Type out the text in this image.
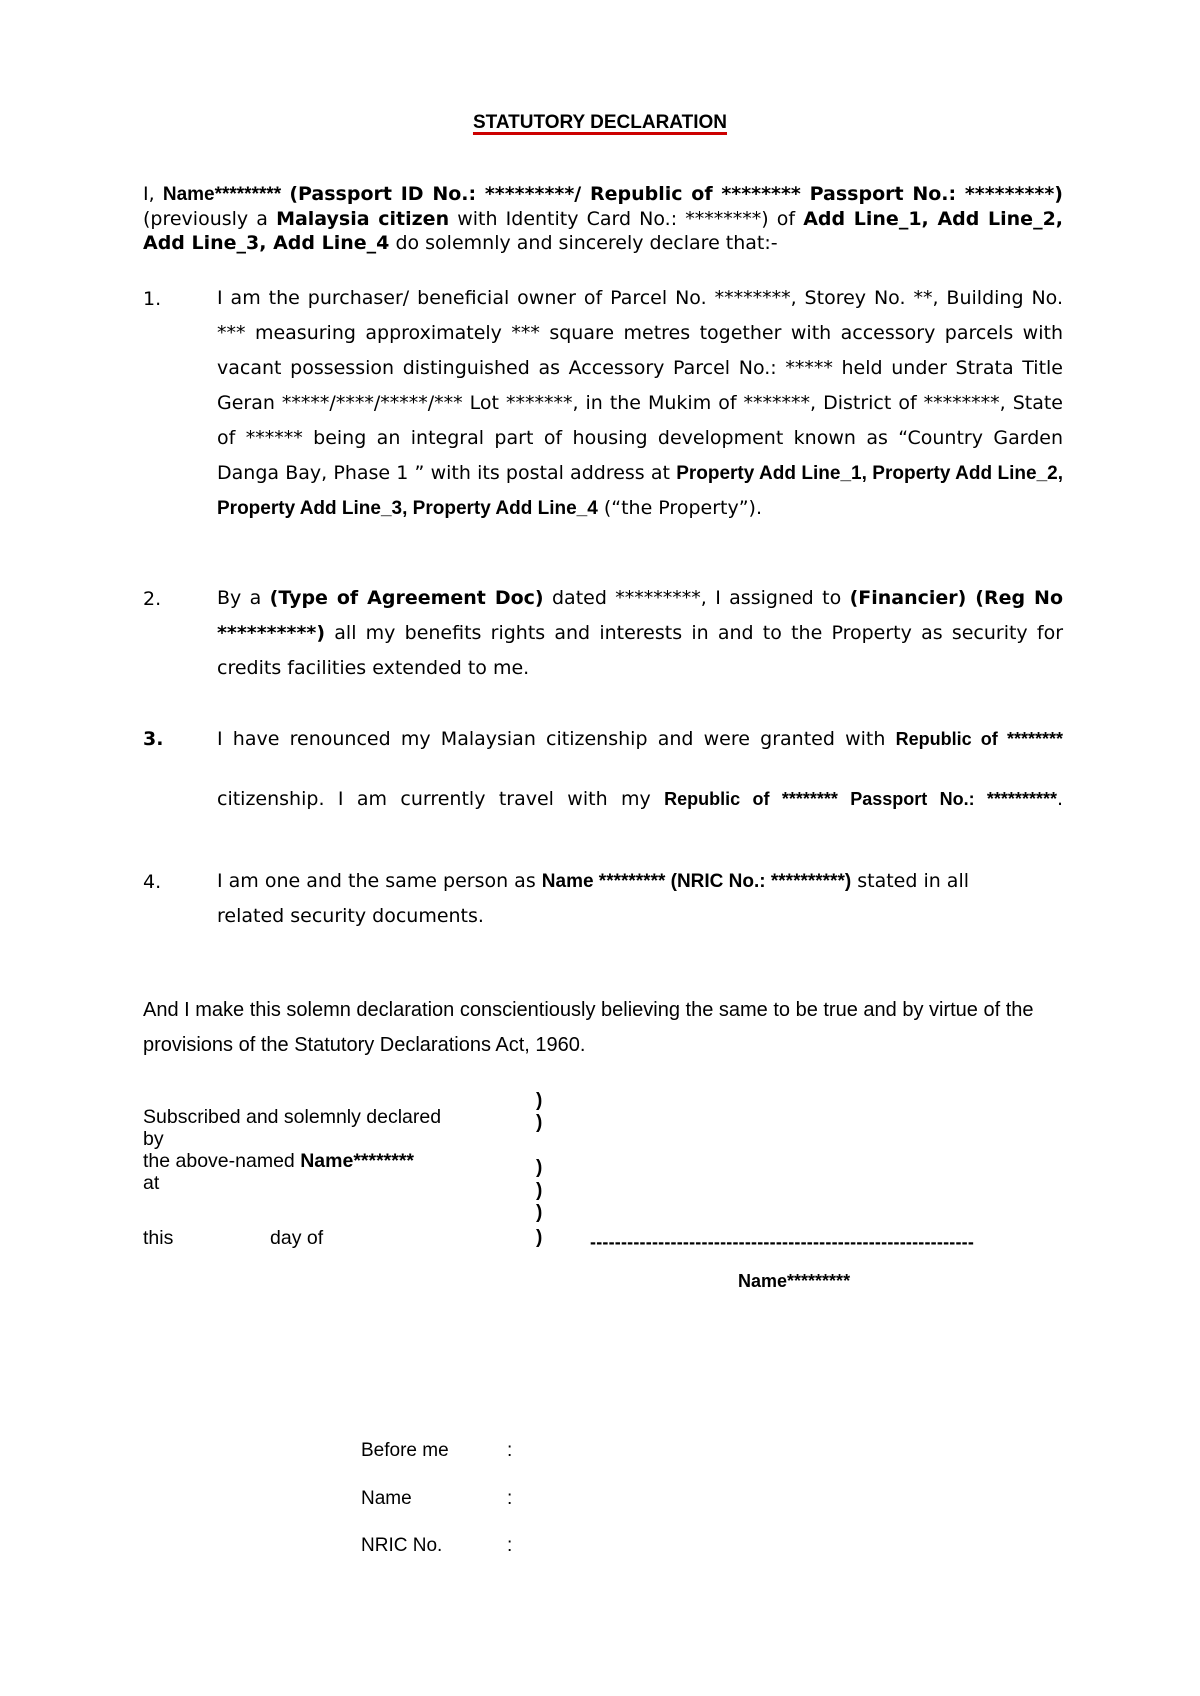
STATUTORY DECLARATION
I, Name********* (Passport ID No.: *********/ Republic of ******** Passport No.: *********) (previously a Malaysia citizen with Identity Card No.: ********) of Add Line_1, Add Line_2, Add Line_3, Add Line_4 do solemnly and sincerely declare that:-
1.	I am the purchaser/ beneficial owner of Parcel No. ********, Storey No. **, Building No. *** measuring approximately *** square metres together with accessory parcels with vacant possession distinguished as Accessory Parcel No.: ***** held under Strata Title Geran *****/****/*****/*** Lot *******, in the Mukim of *******, District of ********, State of ****** being an integral part of housing development known as “Country Garden Danga Bay, Phase 1 ” with its postal address at Property Add Line_1, Property Add Line_2, Property Add Line_3, Property Add Line_4 (“the Property”).
2.	By a (Type of Agreement Doc) dated *********, I assigned to (Financier) (Reg No **********) all my benefits rights and interests in and to the Property as security for credits facilities extended to me.
3.	I have renounced my Malaysian citizenship and were granted with Republic of ********
citizenship. I am currently travel with my Republic of ******** Passport No.: **********.
4.	I am one and the same person as Name ********* (NRIC No.: **********) stated in all related security documents.
And I make this solemn declaration conscientiously believing the same to be true and by virtue of the provisions of the Statutory Declarations Act, 1960.
Subscribed and solemnly declared
by
the above-named Name********
at
this	day of
)
)
)
)
)
)	--------------------------------------------------------------
Name*********
Before me	:
Name	:
NRIC No.	:
